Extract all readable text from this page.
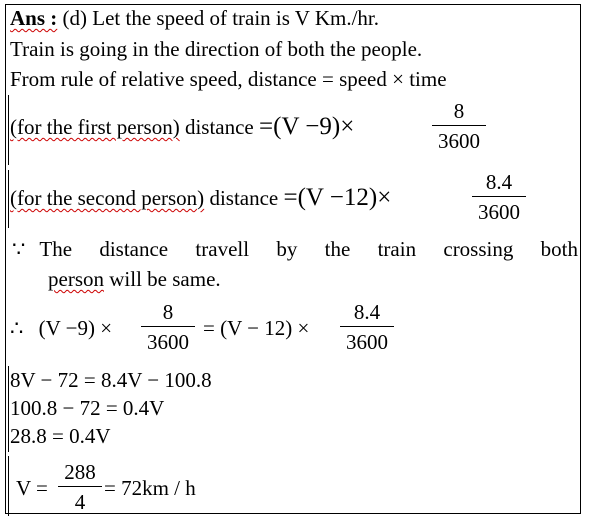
Ans : (d) Let the speed of train is V Km./hr.
Train is going in the direction of both the people.
From rule of relative speed, distance = speed × time
(for the first person) distance =(V −9)×
8
3600
(for the second person) distance =(V −12)×
8.4
3600
∵ The distance travell by the train crossing both
person will be same.
∴ (V −9) ×
8
3600
= (V − 12) ×
8.4
3600
8V − 72 = 8.4V − 100.8
100.8 − 72 = 0.4V
28.8 = 0.4V
V =
288
4
= 72km / h
